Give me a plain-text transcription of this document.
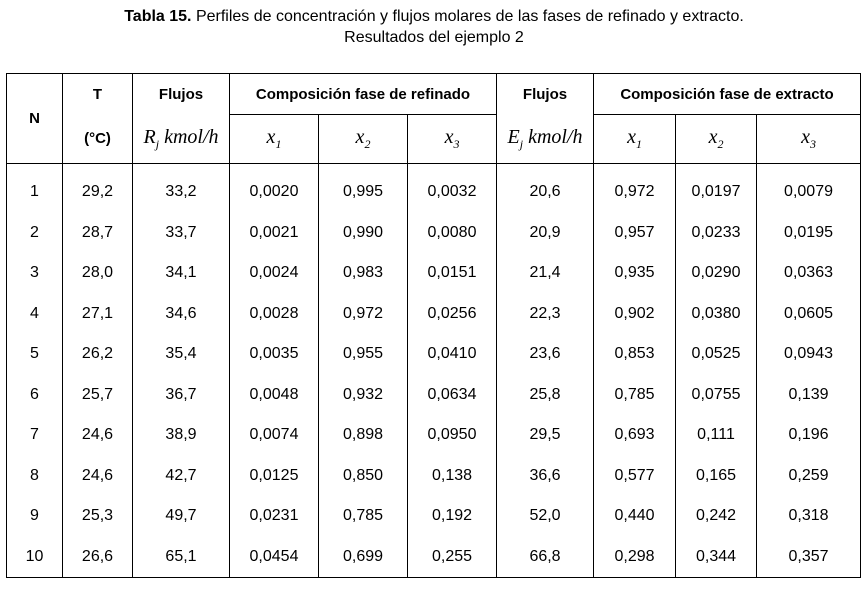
Tabla 15. Perfiles de concentración y flujos molares de las fases de refinado y extracto.
Resultados del ejemplo 2
N	T	Flujos	Composición fase de refinado			Flujos	Composición fase de extracto		
	(°C)	$R_j$ kmol/h	$x_1$	$x_2$	$x_3$	$E_j$ kmol/h	$x_1$	$x_2$	$x_3$
1	29,2	33,2	0,0020	0,995	0,0032	20,6	0,972	0,0197	0,0079
2	28,7	33,7	0,0021	0,990	0,0080	20,9	0,957	0,0233	0,0195
3	28,0	34,1	0,0024	0,983	0,0151	21,4	0,935	0,0290	0,0363
4	27,1	34,6	0,0028	0,972	0,0256	22,3	0,902	0,0380	0,0605
5	26,2	35,4	0,0035	0,955	0,0410	23,6	0,853	0,0525	0,0943
6	25,7	36,7	0,0048	0,932	0,0634	25,8	0,785	0,0755	0,139
7	24,6	38,9	0,0074	0,898	0,0950	29,5	0,693	0,111	0,196
8	24,6	42,7	0,0125	0,850	0,138	36,6	0,577	0,165	0,259
9	25,3	49,7	0,0231	0,785	0,192	52,0	0,440	0,242	0,318
10	26,6	65,1	0,0454	0,699	0,255	66,8	0,298	0,344	0,357
